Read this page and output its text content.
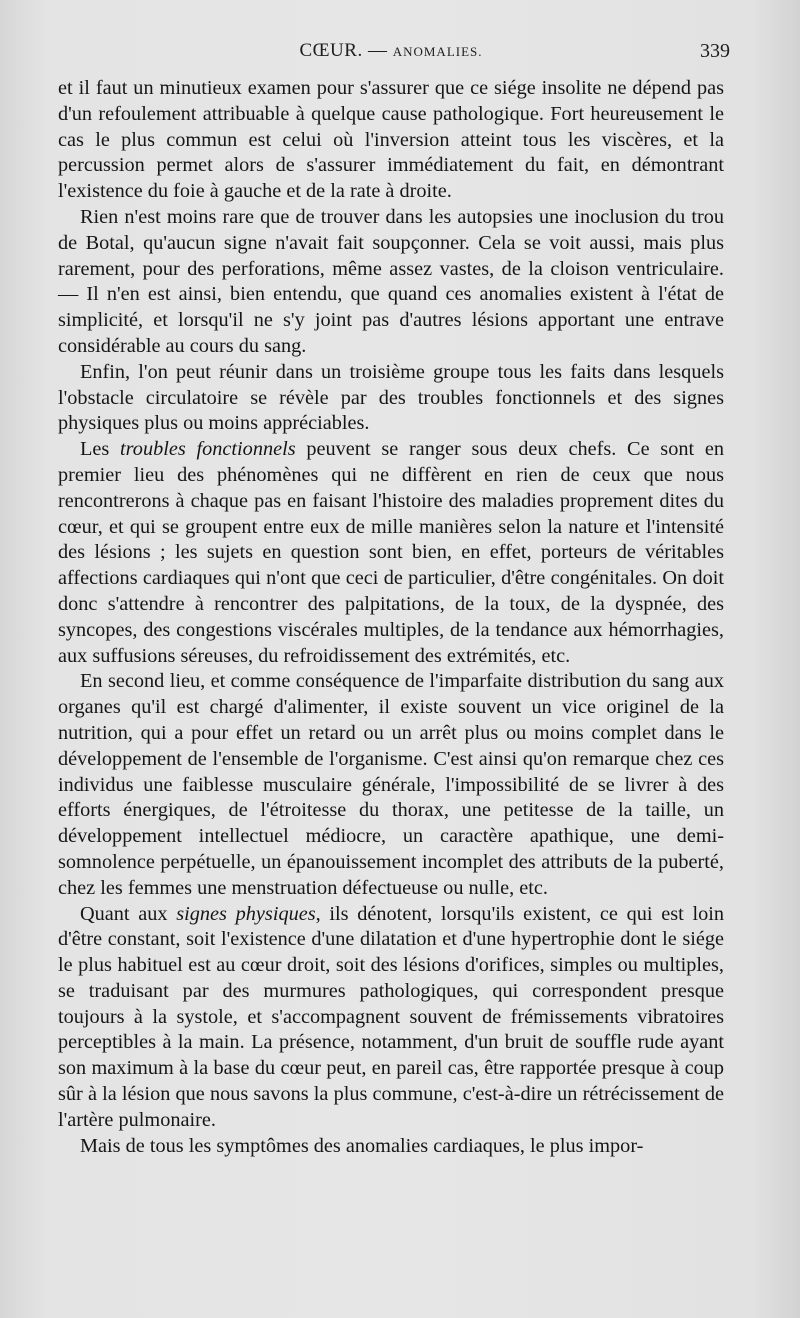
CŒUR. — ANOMALIES.	339

et il faut un minutieux examen pour s'assurer que ce siége insolite ne dépend pas d'un refoulement attribuable à quelque cause pathologique. Fort heureusement le cas le plus commun est celui où l'inversion atteint tous les viscères, et la percussion permet alors de s'assurer immédiatement du fait, en démontrant l'existence du foie à gauche et de la rate à droite.

Rien n'est moins rare que de trouver dans les autopsies une inoclusion du trou de Botal, qu'aucun signe n'avait fait soupçonner. Cela se voit aussi, mais plus rarement, pour des perforations, même assez vastes, de la cloison ventriculaire. — Il n'en est ainsi, bien entendu, que quand ces anomalies existent à l'état de simplicité, et lorsqu'il ne s'y joint pas d'autres lésions apportant une entrave considérable au cours du sang.

Enfin, l'on peut réunir dans un troisième groupe tous les faits dans lesquels l'obstacle circulatoire se révèle par des troubles fonctionnels et des signes physiques plus ou moins appréciables.

Les troubles fonctionnels peuvent se ranger sous deux chefs. Ce sont en premier lieu des phénomènes qui ne diffèrent en rien de ceux que nous rencontrerons à chaque pas en faisant l'histoire des maladies proprement dites du cœur, et qui se groupent entre eux de mille manières selon la nature et l'intensité des lésions ; les sujets en question sont bien, en effet, porteurs de véritables affections cardiaques qui n'ont que ceci de particulier, d'être congénitales. On doit donc s'attendre à rencontrer des palpitations, de la toux, de la dyspnée, des syncopes, des congestions viscérales multiples, de la tendance aux hémorrhagies, aux suffusions séreuses, du refroidissement des extrémités, etc.

En second lieu, et comme conséquence de l'imparfaite distribution du sang aux organes qu'il est chargé d'alimenter, il existe souvent un vice originel de la nutrition, qui a pour effet un retard ou un arrêt plus ou moins complet dans le développement de l'ensemble de l'organisme. C'est ainsi qu'on remarque chez ces individus une faiblesse musculaire générale, l'impossibilité de se livrer à des efforts énergiques, de l'étroitesse du thorax, une petitesse de la taille, un développement intellectuel médiocre, un caractère apathique, une demi-somnolence perpétuelle, un épanouissement incomplet des attributs de la puberté, chez les femmes une menstruation défectueuse ou nulle, etc.

Quant aux signes physiques, ils dénotent, lorsqu'ils existent, ce qui est loin d'être constant, soit l'existence d'une dilatation et d'une hypertrophie dont le siége le plus habituel est au cœur droit, soit des lésions d'orifices, simples ou multiples, se traduisant par des murmures pathologiques, qui correspondent presque toujours à la systole, et s'accompagnent souvent de frémissements vibratoires perceptibles à la main. La présence, notamment, d'un bruit de souffle rude ayant son maximum à la base du cœur peut, en pareil cas, être rapportée presque à coup sûr à la lésion que nous savons la plus commune, c'est-à-dire un rétrécissement de l'artère pulmonaire.

Mais de tous les symptômes des anomalies cardiaques, le plus impor-
